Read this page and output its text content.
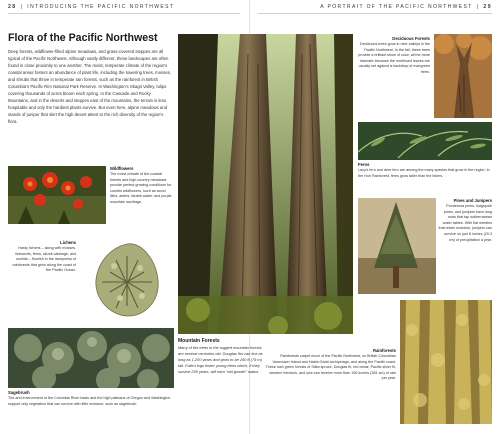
28 | INTRODUCING THE PACIFIC NORTHWEST	A PORTRAIT OF THE PACIFIC NORTHWEST | 29
Flora of the Pacific Northwest
Deep forests, wildflower-filled alpine meadows, and grass-covered steppes are all typical of the Pacific Northwest. Although vastly different, these landscapes are often found in close proximity to one another. The moist, temperate climate of the region's coastal areas fosters an abundance of plant life, including the towering trees, mosses, and shrubs that thrive in temperate rain forests, such as the rainforest in British Columbia's Pacific Rim National Park Reserve. In Washington's Skagit Valley, tulips covering thousands of acres bloom each spring. In the Cascade and Rocky Mountains, and in the deserts and steppes east of the mountains, the terrain is less hospitable and only the hardiest plants survive. But even here, alpine meadows and stands of juniper that skirt the high desert attest to the rich diversity of the region's flora.
Wildflowers
The moist climate of the coastal forests and high-country meadows provide perfect growing conditions for colorful wildflowers, such as wood lilies, asters, tarabb adder, and purple mountain saxifrage.
Lichens
Hardy lichens – along with mosses, liverworts, ferns, skunk cabbage, and orchids – flourish in the dampness of rainforests that grow along the coast of the Pacific Ocean.
Sagebrush
The arid environment of the Columbia River basin and the high plateaus of Oregon and Washington support only vegetation that can survive with little moisture, such as sagebrush.
Mountain Forests
Many of the trees in the rugged mountain forests are several centuries old. Douglas firs can live as long as 1,200 years and grow to be 260 ft (79 m) tall. Fallen logs foster young trees which, if they survive 200 years, will earn “old-growth” status.
Deciduous Forests
Deciduous trees grow in river valleys in the Pacific Northwest. In the fall, these trees provide a brilliant show of color, all the more dramatic because the multihued leaves are usually set against a backdrop of evergreen trees.
Ferns
Lacy’s fern and deer fern are among the many species that grow in the region. In the Hoh Rainforest, ferns grow taller than the hikers.
Pines and Junipers
Ponderosa pines, lodgepole pines, and junipers have long roots that tap subterranean water tables. With flat needles that retain moisture, junipers can survive on just 8 inches (20.3 cm) of precipitation a year.
Rainforests
Rainforests carpet much of the Pacific Northwest, on British Columbian Vancouver Island and Haida Gwaii archipelago, and along the Pacific coast. These lush green forests of Sitka spruce, Douglas fir, red cedar, Pacific silver fir, western hemlock, and yew can receive more than 150 inches (381 cm) of rain per year.
